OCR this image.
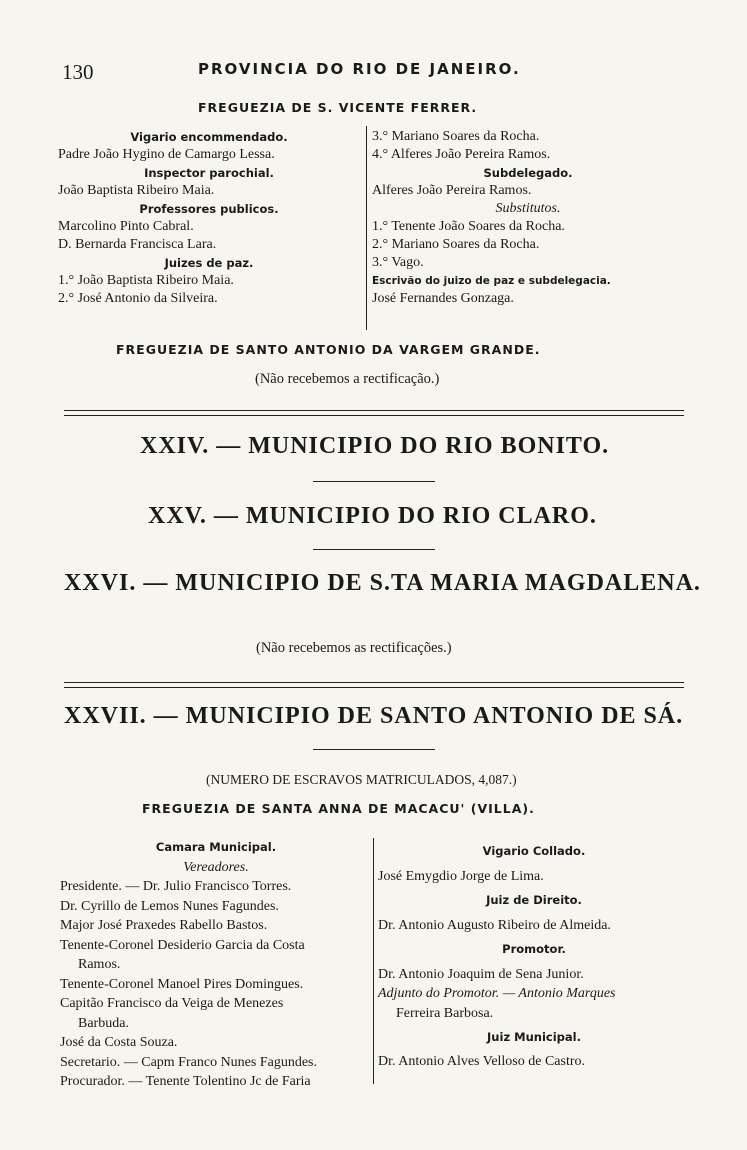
130	PROVINCIA DO RIO DE JANEIRO.
FREGUEZIA DE S. VICENTE FERRER.
Vigario encommendado.
Padre João Hygino de Camargo Lessa.
Inspector parochial.
João Baptista Ribeiro Maia.
Professores publicos.
Marcolino Pinto Cabral.
D. Bernarda Francisca Lara.
Juizes de paz.
1.° João Baptista Ribeiro Maia.
2.° José Antonio da Silveira.
3.° Mariano Soares da Rocha.
4.° Alferes João Pereira Ramos.
Subdelegado.
Alferes João Pereira Ramos.
Substitutos.
1.° Tenente João Soares da Rocha.
2.° Mariano Soares da Rocha.
3.° Vago.
Escrivão do juizo de paz e subdelegacia.
José Fernandes Gonzaga.
FREGUEZIA DE SANTO ANTONIO DA VARGEM GRANDE.
(Não recebemos a rectificação.)
XXIV. — MUNICIPIO DO RIO BONITO.
XXV. — MUNICIPIO DO RIO CLARO.
XXVI. — MUNICIPIO DE S.TA MARIA MAGDALENA.
(Não recebemos as rectificações.)
XXVII. — MUNICIPIO DE SANTO ANTONIO DE SÁ.
(NUMERO DE ESCRAVOS MATRICULADOS, 4,087.)
FREGUEZIA DE SANTA ANNA DE MACACU' (VILLA).
Camara Municipal.
Vereadores.
Presidente. — Dr. Julio Francisco Torres.
Dr. Cyrillo de Lemos Nunes Fagundes.
Major José Praxedes Rabello Bastos.
Tenente-Coronel Desiderio Garcia da Costa
Ramos.
Tenente-Coronel Manoel Pires Domingues.
Capitão Francisco da Veiga de Menezes
Barbuda.
José da Costa Souza.
Secretario. — Capm Franco Nunes Fagundes.
Procurador. — Tenente Tolentino Jc de Faria
Vigario Collado.
José Emygdio Jorge de Lima.
Juiz de Direito.
Dr. Antonio Augusto Ribeiro de Almeida.
Promotor.
Dr. Antonio Joaquim de Sena Junior.
Adjunto do Promotor. — Antonio Marques
Ferreira Barbosa.
Juiz Municipal.
Dr. Antonio Alves Velloso de Castro.
